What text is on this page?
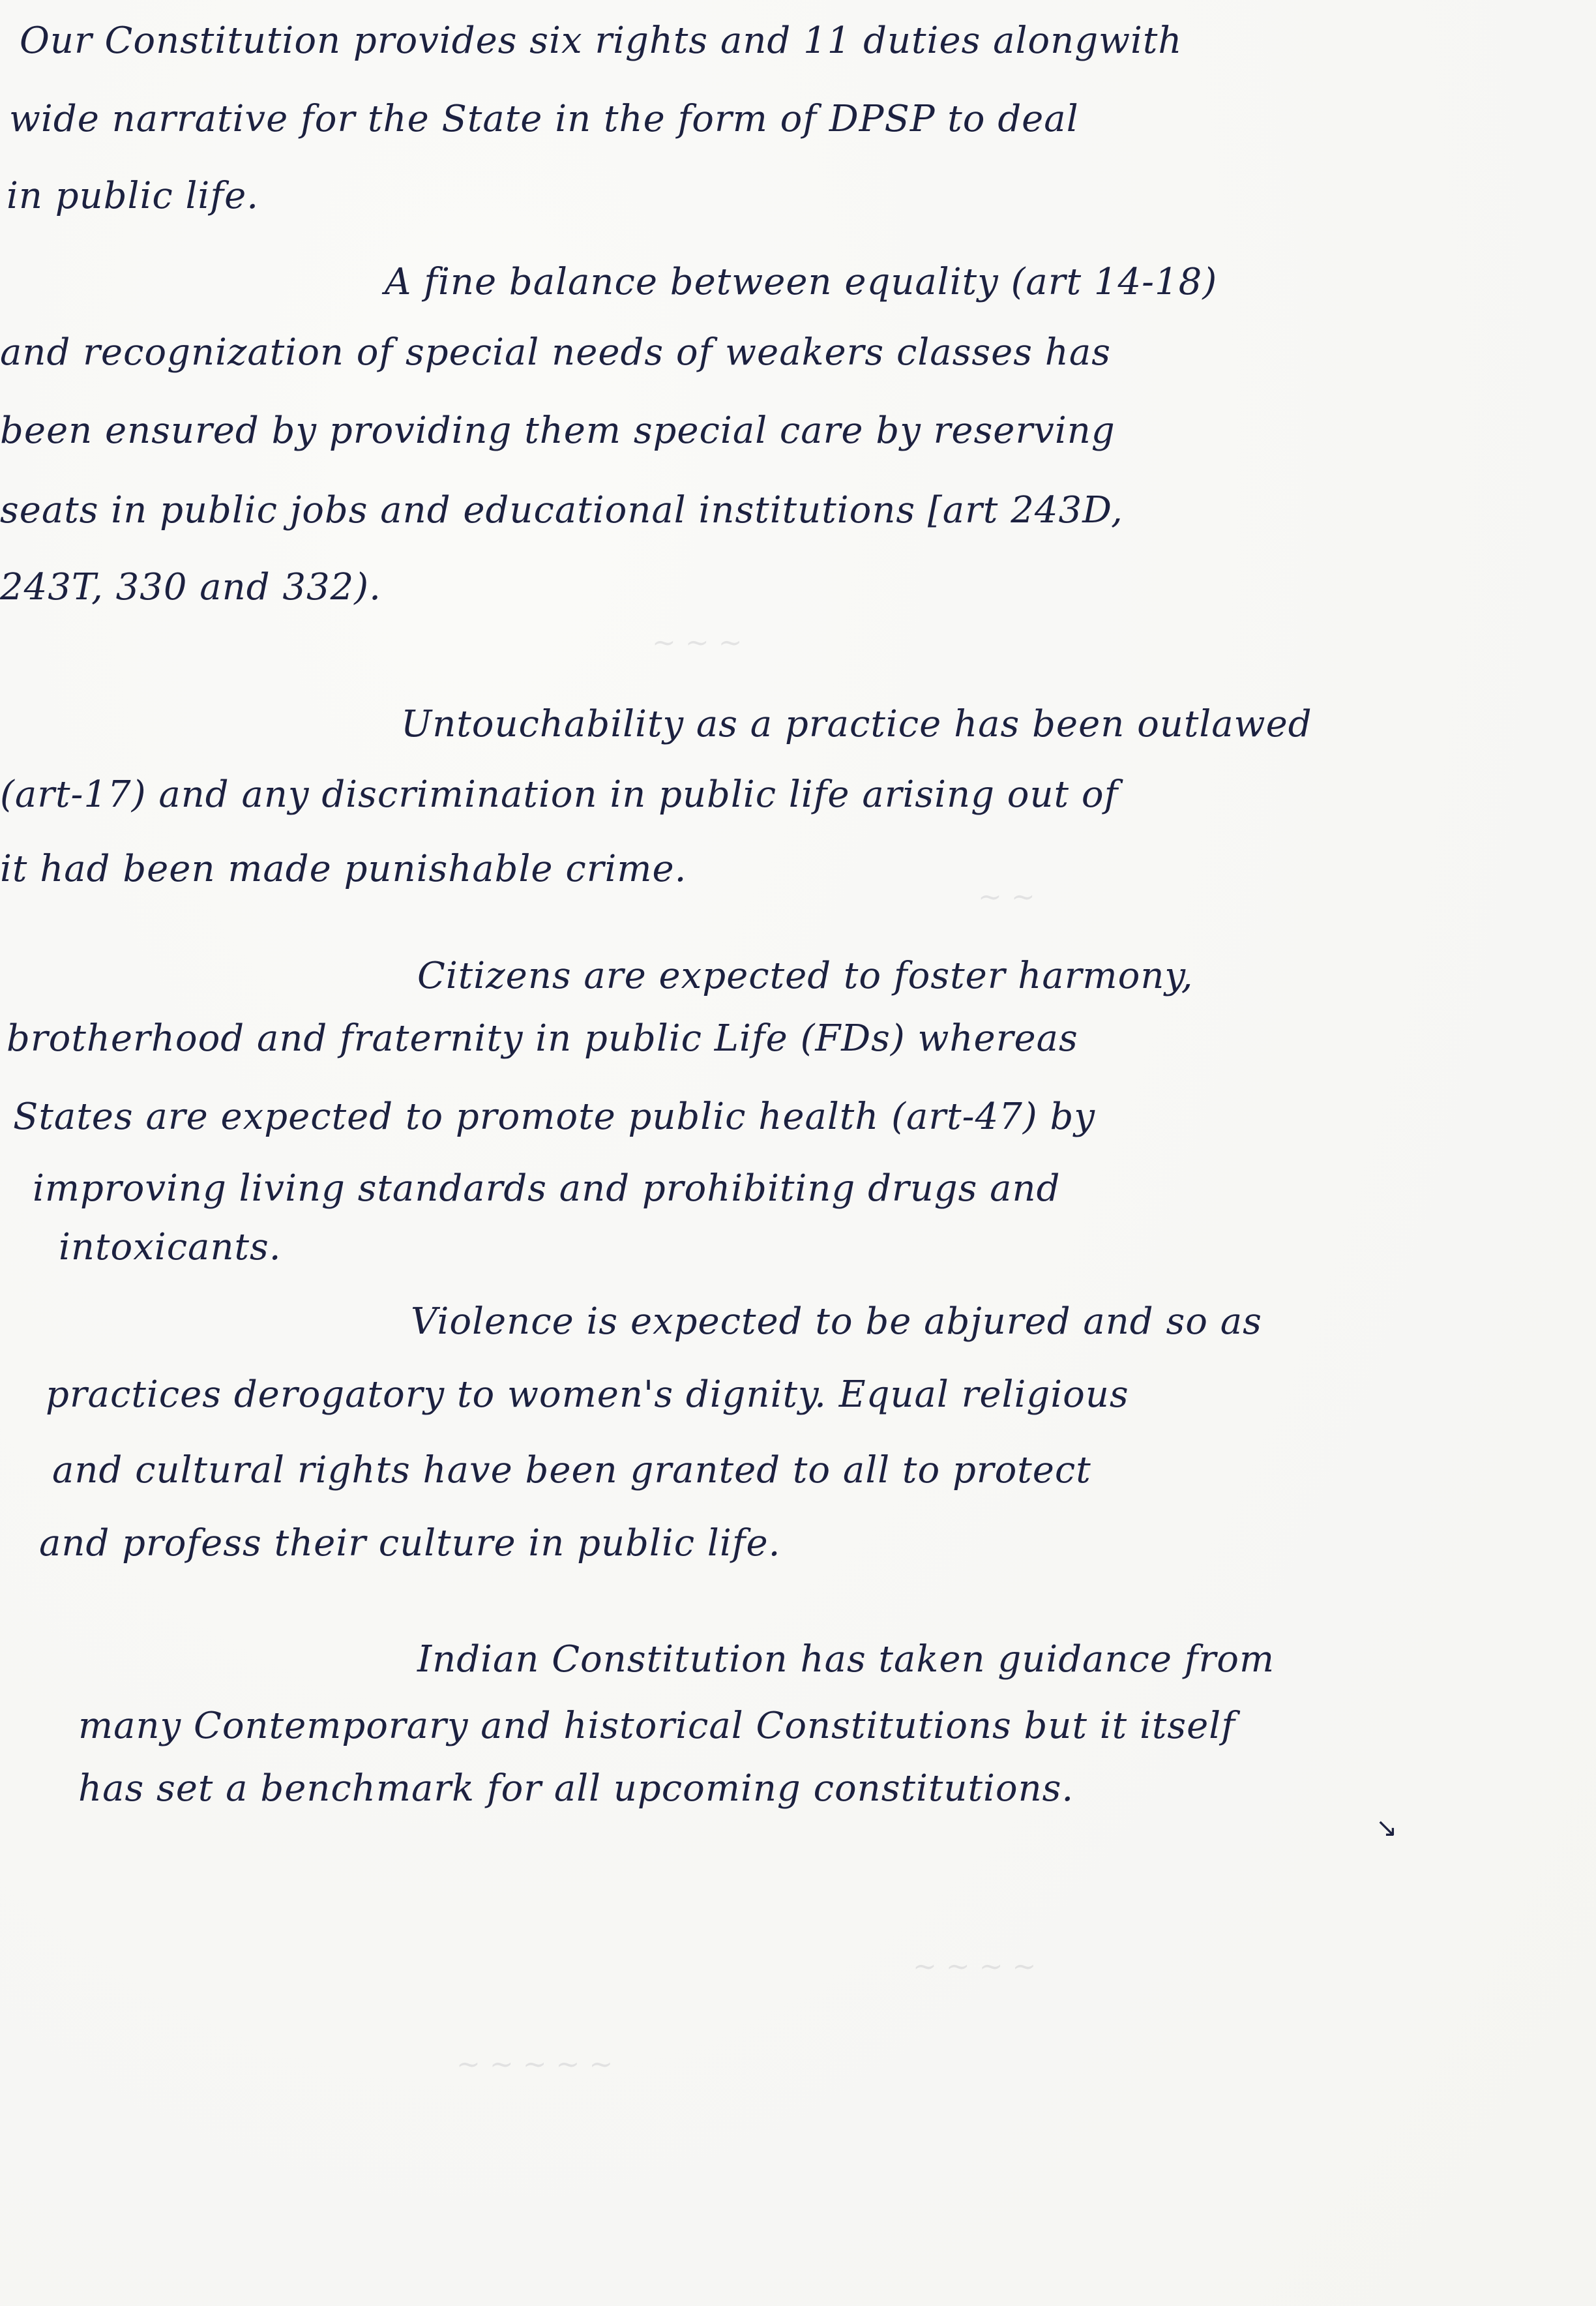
~ ~ ~
~ ~
~ ~ ~ ~
~ ~ ~ ~ ~
Our Constitution provides six rights and 11 duties alongwith
wide narrative for the State in the form of DPSP to deal
in public life.
A fine balance between equality (art 14-18)
and recognization of special needs of weakers classes has
been ensured by providing them special care by reserving
seats in public jobs and educational institutions [art 243D,
243T, 330 and 332).
Untouchability as a practice has been outlawed
(art-17) and any discrimination in public life arising out of
it had been made punishable crime.
Citizens are expected to foster harmony,
brotherhood and fraternity in public Life (FDs) whereas
States are expected to promote public health (art-47) by
improving living standards and prohibiting drugs and
intoxicants.
Violence is expected to be abjured and so as
practices derogatory to women's dignity. Equal religious
and cultural rights have been granted to all to protect
and profess their culture in public life.
Indian Constitution has taken guidance from
many Contemporary and historical Constitutions but it itself
has set a benchmark for all upcoming constitutions.
↘
